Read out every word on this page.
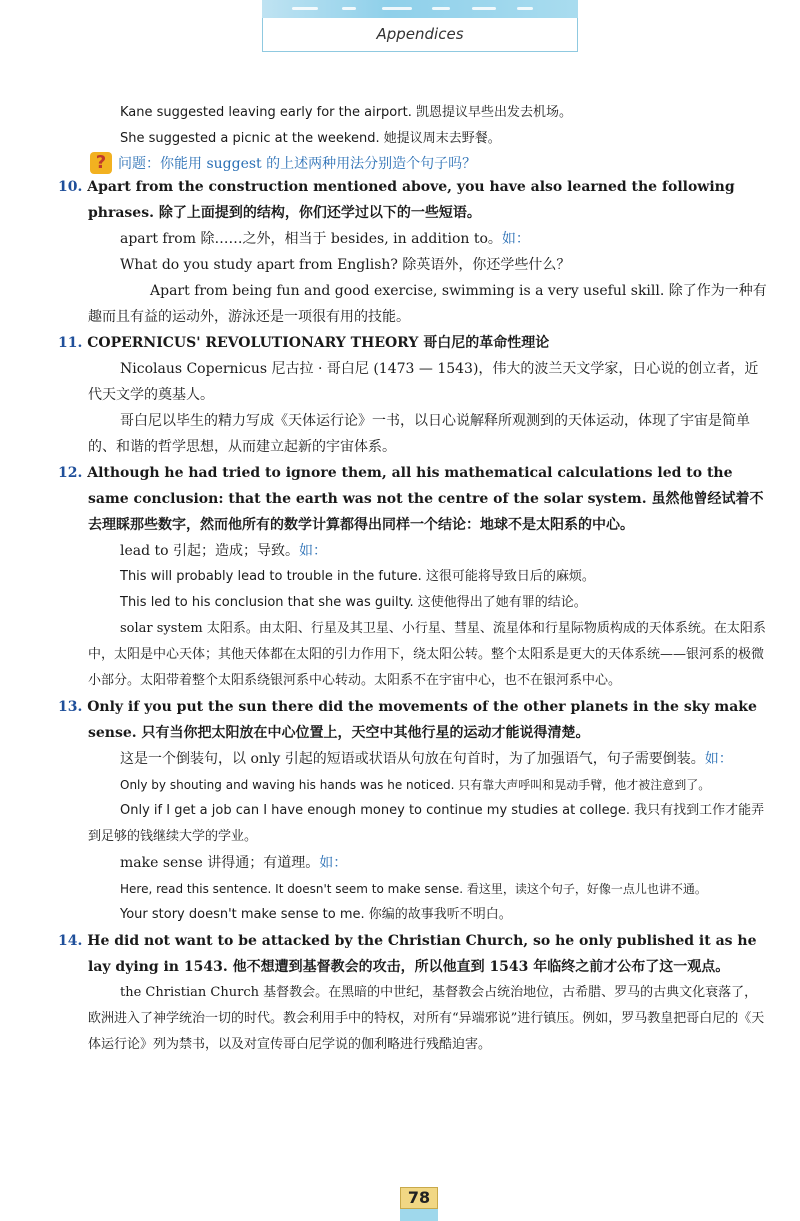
Appendices

Kane suggested leaving early for the airport. 凯恩提议早些出发去机场。

She suggested a picnic at the weekend. 她提议周末去野餐。

? 问题：你能用 suggest 的上述两种用法分别造个句子吗？

10. Apart from the construction mentioned above, you have also learned the following phrases. 除了上面提到的结构，你们还学过以下的一些短语。

apart from 除……之外，相当于 besides, in addition to。如：

What do you study apart from English? 除英语外，你还学些什么？

Apart from being fun and good exercise, swimming is a very useful skill. 除了作为一种有趣而且有益的运动外，游泳还是一项很有用的技能。

11. COPERNICUS' REVOLUTIONARY THEORY 哥白尼的革命性理论

Nicolaus Copernicus 尼古拉 · 哥白尼 (1473 — 1543)，伟大的波兰天文学家，日心说的创立者，近代天文学的奠基人。

哥白尼以毕生的精力写成《天体运行论》一书，以日心说解释所观测到的天体运动，体现了宇宙是简单的、和谐的哲学思想，从而建立起新的宇宙体系。

12. Although he had tried to ignore them, all his mathematical calculations led to the same conclusion: that the earth was not the centre of the solar system. 虽然他曾经试着不去理睬那些数字，然而他所有的数学计算都得出同样一个结论：地球不是太阳系的中心。

lead to 引起；造成；导致。如：

This will probably lead to trouble in the future. 这很可能将导致日后的麻烦。

This led to his conclusion that she was guilty. 这使他得出了她有罪的结论。

solar system 太阳系。由太阳、行星及其卫星、小行星、彗星、流星体和行星际物质构成的天体系统。在太阳系中，太阳是中心天体；其他天体都在太阳的引力作用下，绕太阳公转。整个太阳系是更大的天体系统——银河系的极微小部分。太阳带着整个太阳系绕银河系中心转动。太阳系不在宇宙中心，也不在银河系中心。

13. Only if you put the sun there did the movements of the other planets in the sky make sense. 只有当你把太阳放在中心位置上，天空中其他行星的运动才能说得清楚。

这是一个倒装句，以 only 引起的短语或状语从句放在句首时，为了加强语气，句子需要倒装。如：

Only by shouting and waving his hands was he noticed. 只有靠大声呼叫和晃动手臂，他才被注意到了。

Only if I get a job can I have enough money to continue my studies at college. 我只有找到工作才能弄到足够的钱继续大学的学业。

make sense 讲得通；有道理。如：

Here, read this sentence. It doesn't seem to make sense. 看这里，读这个句子，好像一点儿也讲不通。

Your story doesn't make sense to me. 你编的故事我听不明白。

14. He did not want to be attacked by the Christian Church, so he only published it as he lay dying in 1543. 他不想遭到基督教会的攻击，所以他直到 1543 年临终之前才公布了这一观点。

the Christian Church 基督教会。在黑暗的中世纪，基督教会占统治地位，古希腊、罗马的古典文化衰落了，欧洲进入了神学统治一切的时代。教会利用手中的特权，对所有“异端邪说”进行镇压。例如，罗马教皇把哥白尼的《天体运行论》列为禁书，以及对宣传哥白尼学说的伽利略进行残酷迫害。

78
